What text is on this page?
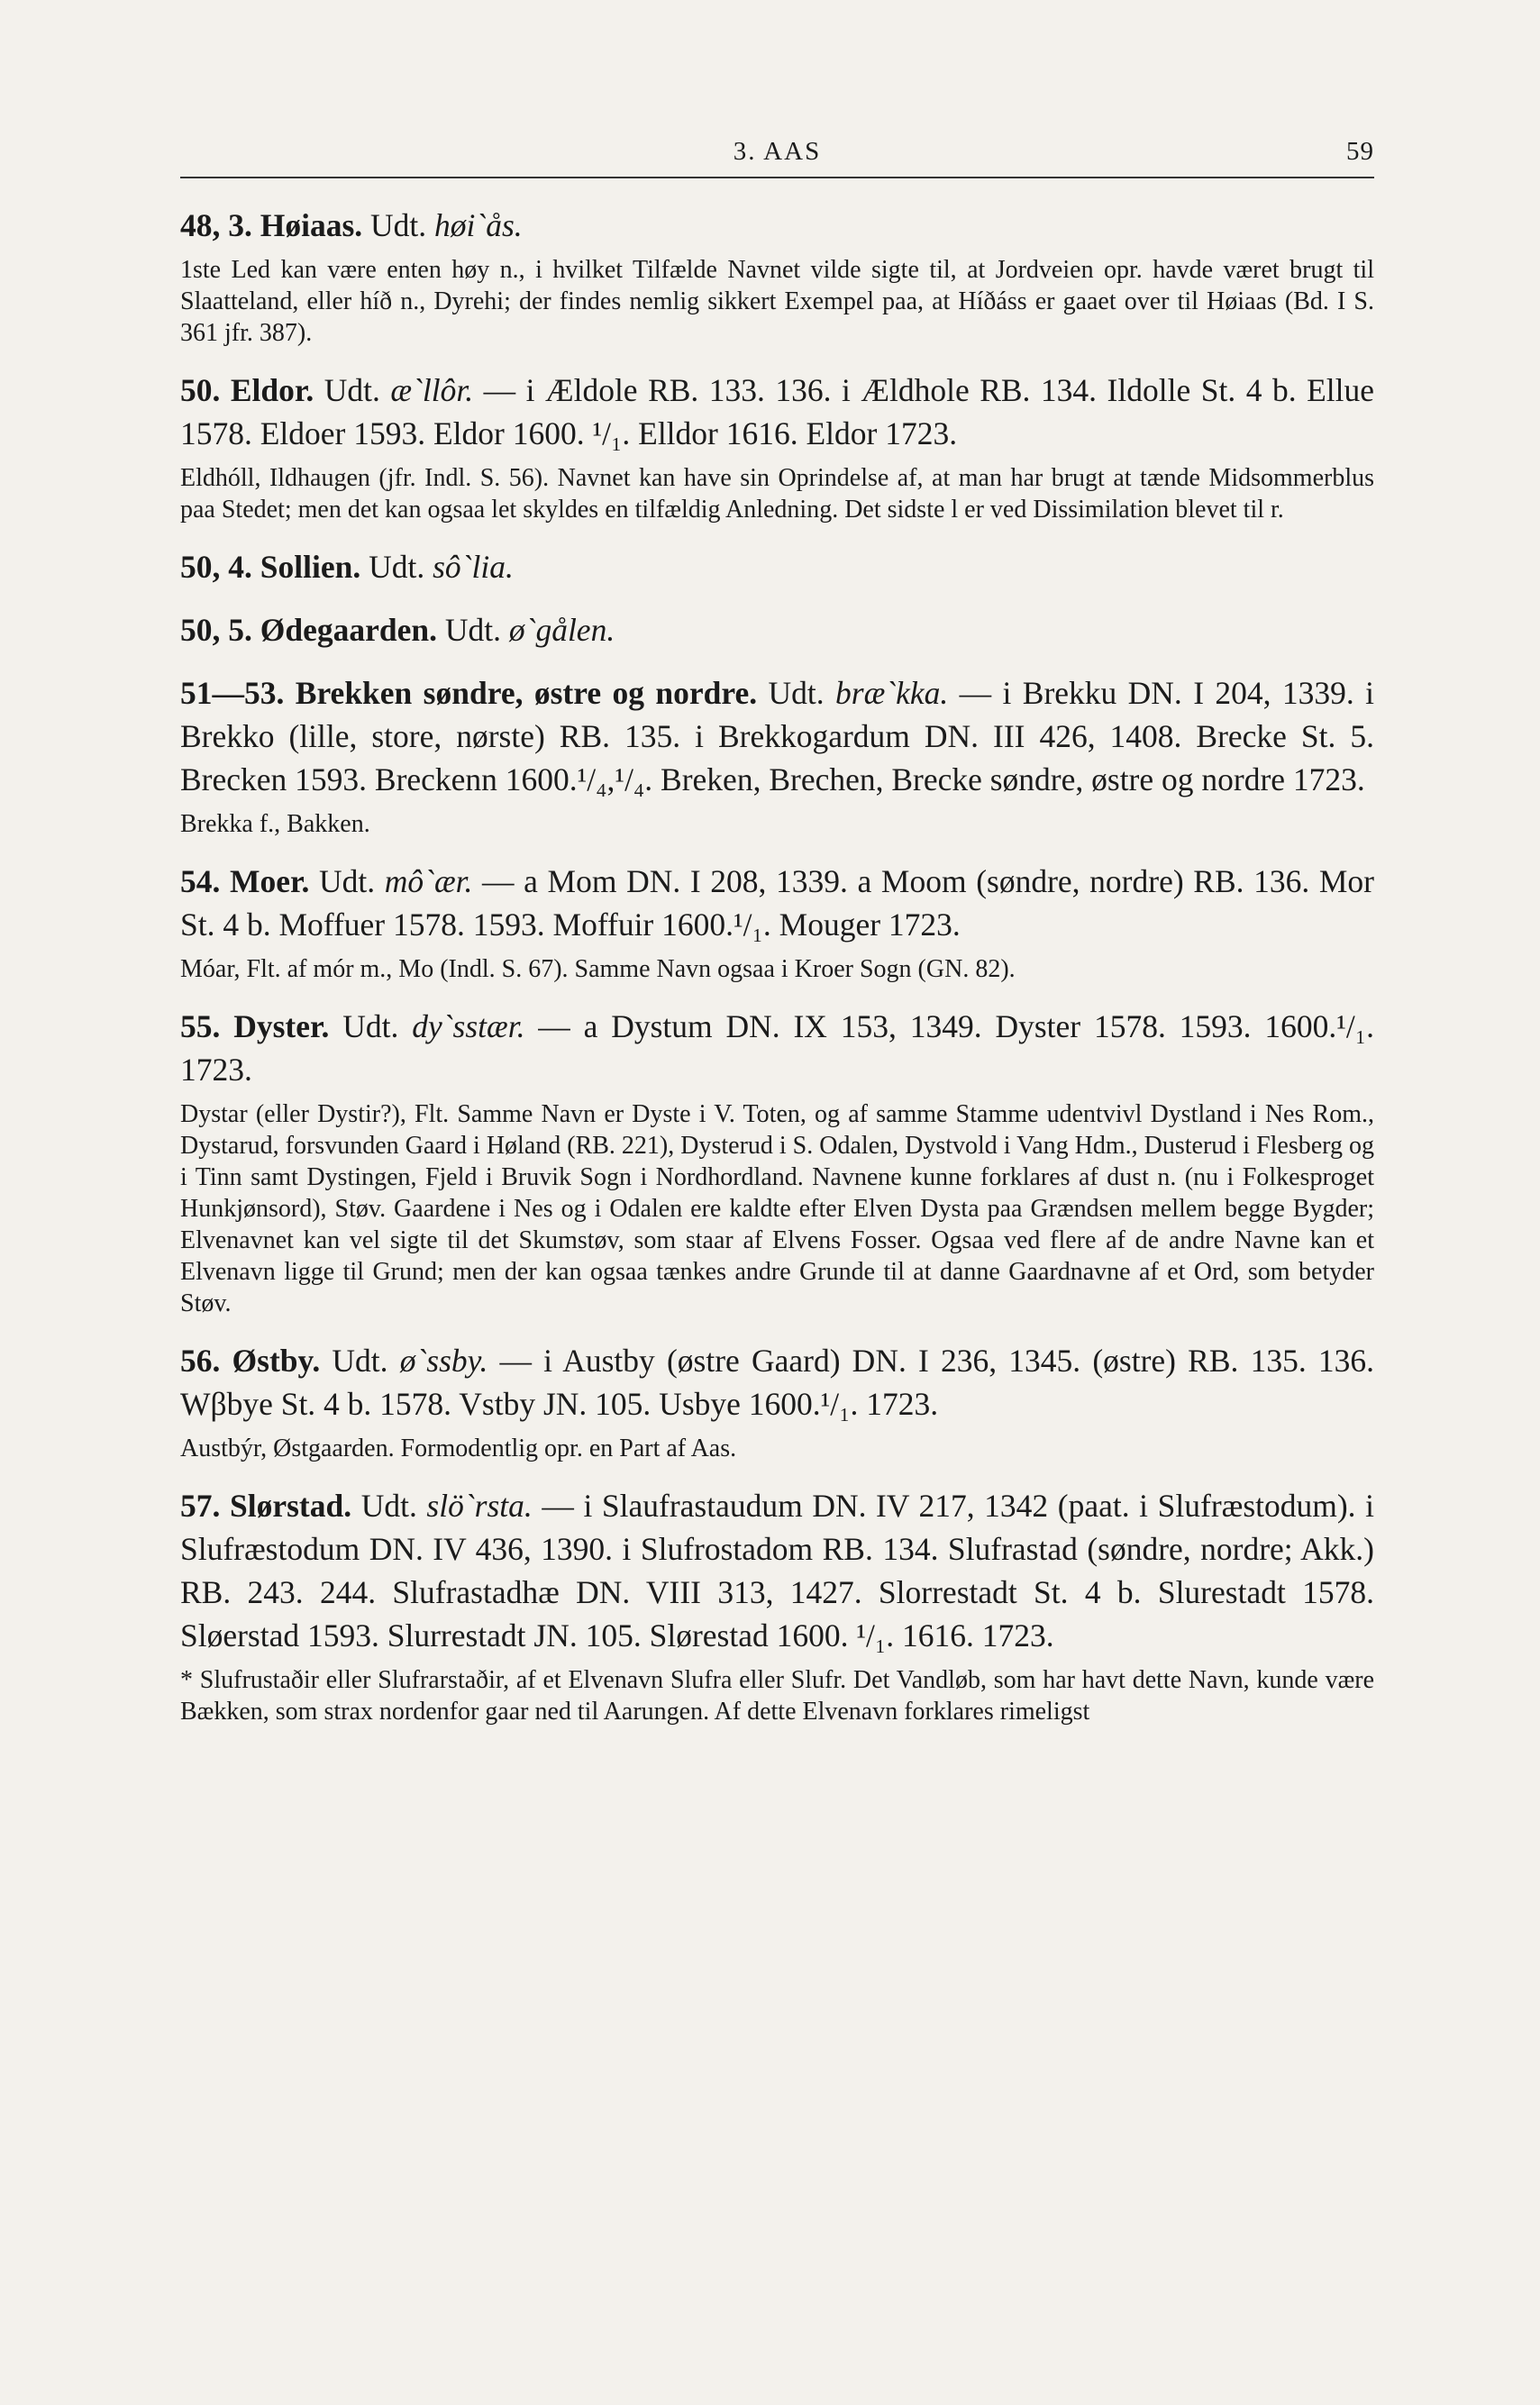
3. AAS	59

48, 3. Høiaas. Udt. høi`ås.

1ste Led kan være enten høy n., i hvilket Tilfælde Navnet vilde sigte til, at Jordveien opr. havde været brugt til Slaatteland, eller híð n., Dyrehi; der findes nemlig sikkert Exempel paa, at Híðáss er gaaet over til Høiaas (Bd. I S. 361 jfr. 387).

50. Eldor. Udt. æ`llôr. — i Ældole RB. 133. 136. i Ældhole RB. 134. Ildolle St. 4 b. Ellue 1578. Eldoer 1593. Eldor 1600. ¹/₁. Elldor 1616. Eldor 1723.

Eldhóll, Ildhaugen (jfr. Indl. S. 56). Navnet kan have sin Oprindelse af, at man har brugt at tænde Midsommerblus paa Stedet; men det kan ogsaa let skyldes en tilfældig Anledning. Det sidste l er ved Dissimilation blevet til r.

50, 4. Sollien. Udt. sô`lia.

50, 5. Ødegaarden. Udt. ø`gålen.

51—53. Brekken søndre, østre og nordre. Udt. bræ`kka. — i Brekku DN. I 204, 1339. i Brekko (lille, store, nørste) RB. 135. i Brekkogardum DN. III 426, 1408. Brecke St. 5. Brecken 1593. Breckenn 1600.¹/₄,¹/₄. Breken, Brechen, Brecke søndre, østre og nordre 1723.

Brekka f., Bakken.

54. Moer. Udt. mô`ær. — a Mom DN. I 208, 1339. a Moom (søndre, nordre) RB. 136. Mor St. 4 b. Moffuer 1578. 1593. Moffuir 1600.¹/₁. Mouger 1723.

Móar, Flt. af mór m., Mo (Indl. S. 67). Samme Navn ogsaa i Kroer Sogn (GN. 82).

55. Dyster. Udt. dy`sstær. — a Dystum DN. IX 153, 1349. Dyster 1578. 1593. 1600.¹/₁. 1723.

Dystar (eller Dystir?), Flt. Samme Navn er Dyste i V. Toten, og af samme Stamme udentvivl Dystland i Nes Rom., Dystarud, forsvunden Gaard i Høland (RB. 221), Dysterud i S. Odalen, Dystvold i Vang Hdm., Dusterud i Flesberg og i Tinn samt Dystingen, Fjeld i Bruvik Sogn i Nordhordland. Navnene kunne forklares af dust n. (nu i Folkesproget Hunkjønsord), Støv. Gaardene i Nes og i Odalen ere kaldte efter Elven Dysta paa Grændsen mellem begge Bygder; Elvenavnet kan vel sigte til det Skumstøv, som staar af Elvens Fosser. Ogsaa ved flere af de andre Navne kan et Elvenavn ligge til Grund; men der kan ogsaa tænkes andre Grunde til at danne Gaardnavne af et Ord, som betyder Støv.

56. Østby. Udt. ø`ssby. — i Austby (østre Gaard) DN. I 236, 1345. (østre) RB. 135. 136. Wβbye St. 4 b. 1578. Vstby JN. 105. Usbye 1600.¹/₁. 1723.

Austbýr, Østgaarden. Formodentlig opr. en Part af Aas.

57. Slørstad. Udt. slö`rsta. — i Slaufrastaudum DN. IV 217, 1342 (paat. i Slufræstodum). i Slufræstodum DN. IV 436, 1390. i Slufrostadom RB. 134. Slufrastad (søndre, nordre; Akk.) RB. 243. 244. Slufrastadhæ DN. VIII 313, 1427. Slorrestadt St. 4 b. Slurestadt 1578. Sløerstad 1593. Slurrestadt JN. 105. Slørestad 1600. ¹/₁. 1616. 1723.

* Slufrustaðir eller Slufrarstaðir, af et Elvenavn Slufra eller Slufr. Det Vandløb, som har havt dette Navn, kunde være Bækken, som strax nordenfor gaar ned til Aarungen. Af dette Elvenavn forklares rimeligst
